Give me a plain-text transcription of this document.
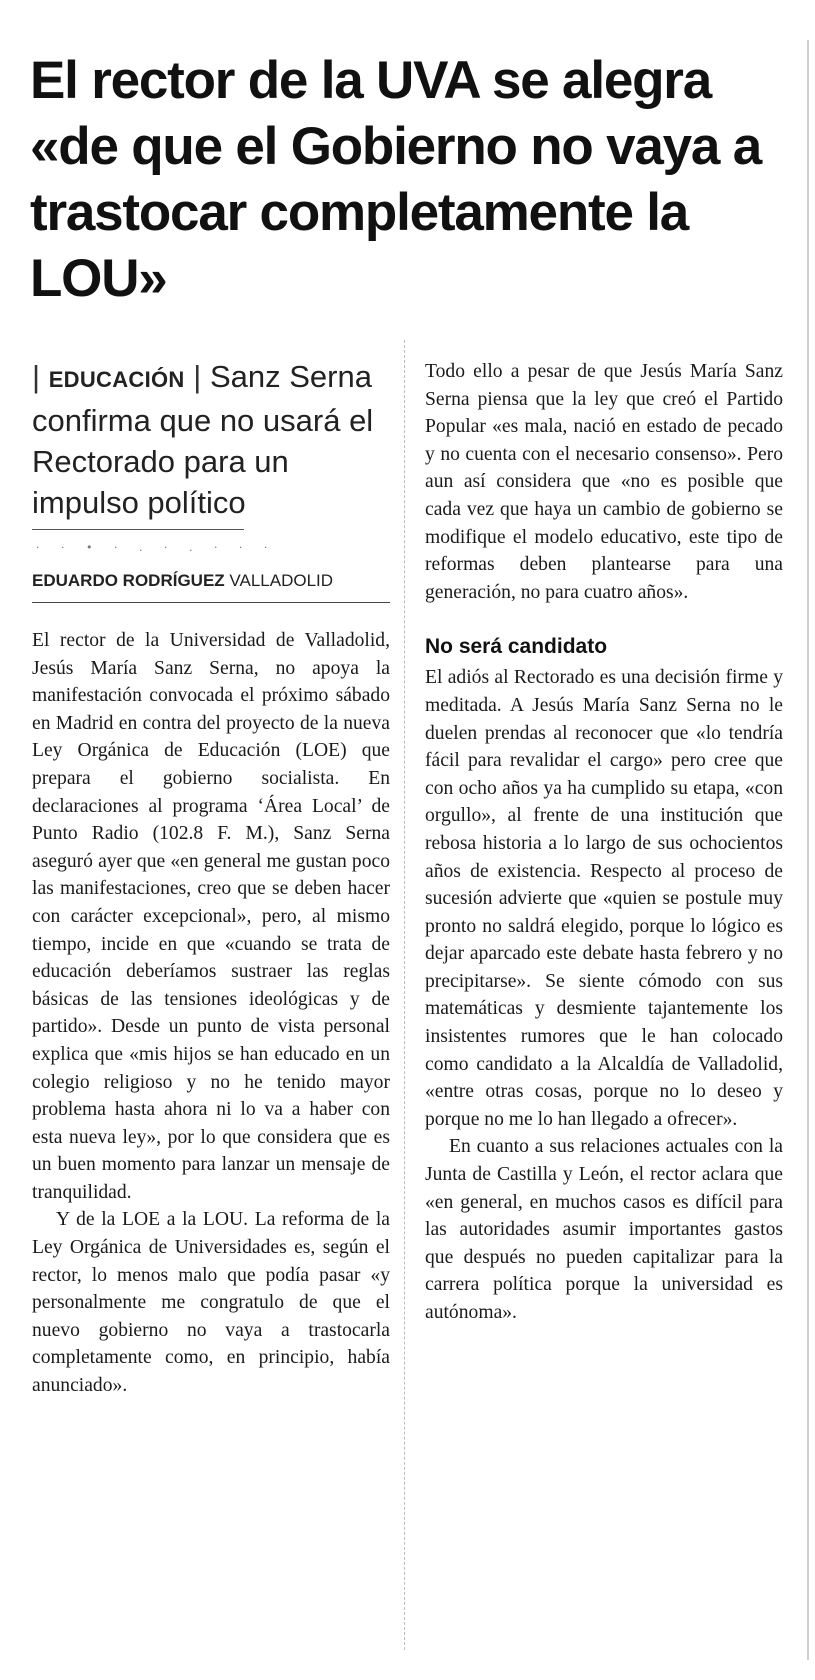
El rector de la UVA se alegra «de que el Gobierno no vaya a trastocar completamente la LOU»

| EDUCACIÓN | Sanz Serna confirma que no usará el Rectorado para un impulso político

· · • · . · . · · ·
EDUARDO RODRÍGUEZ VALLADOLID

El rector de la Universidad de Valladolid, Jesús María Sanz Serna, no apoya la manifestación convocada el próximo sábado en Madrid en contra del proyecto de la nueva Ley Orgánica de Educación (LOE) que prepara el gobierno socialista. En declaraciones al programa ‘Área Local’ de Punto Radio (102.8 F. M.), Sanz Serna aseguró ayer que «en general me gustan poco las manifestaciones, creo que se deben hacer con carácter excepcional», pero, al mismo tiempo, incide en que «cuando se trata de educación deberíamos sustraer las reglas básicas de las tensiones ideológicas y de partido». Desde un punto de vista personal explica que «mis hijos se han educado en un colegio religioso y no he tenido mayor problema hasta ahora ni lo va a haber con esta nueva ley», por lo que considera que es un buen momento para lanzar un mensaje de tranquilidad.

Y de la LOE a la LOU. La reforma de la Ley Orgánica de Universidades es, según el rector, lo menos malo que podía pasar «y personalmente me congratulo de que el nuevo gobierno no vaya a trastocarla completamente como, en principio, había anunciado».

Todo ello a pesar de que Jesús María Sanz Serna piensa que la ley que creó el Partido Popular «es mala, nació en estado de pecado y no cuenta con el necesario consenso». Pero aun así considera que «no es posible que cada vez que haya un cambio de gobierno se modifique el modelo educativo, este tipo de reformas deben plantearse para una generación, no para cuatro años».

No será candidato

El adiós al Rectorado es una decisión firme y meditada. A Jesús María Sanz Serna no le duelen prendas al reconocer que «lo tendría fácil para revalidar el cargo» pero cree que con ocho años ya ha cumplido su etapa, «con orgullo», al frente de una institución que rebosa historia a lo largo de sus ochocientos años de existencia. Respecto al proceso de sucesión advierte que «quien se postule muy pronto no saldrá elegido, porque lo lógico es dejar aparcado este debate hasta febrero y no precipitarse». Se siente cómodo con sus matemáticas y desmiente tajantemente los insistentes rumores que le han colocado como candidato a la Alcaldía de Valladolid, «entre otras cosas, porque no lo deseo y porque no me lo han llegado a ofrecer».

En cuanto a sus relaciones actuales con la Junta de Castilla y León, el rector aclara que «en general, en muchos casos es difícil para las autoridades asumir importantes gastos que después no pueden capitalizar para la carrera política porque la universidad es autónoma».
